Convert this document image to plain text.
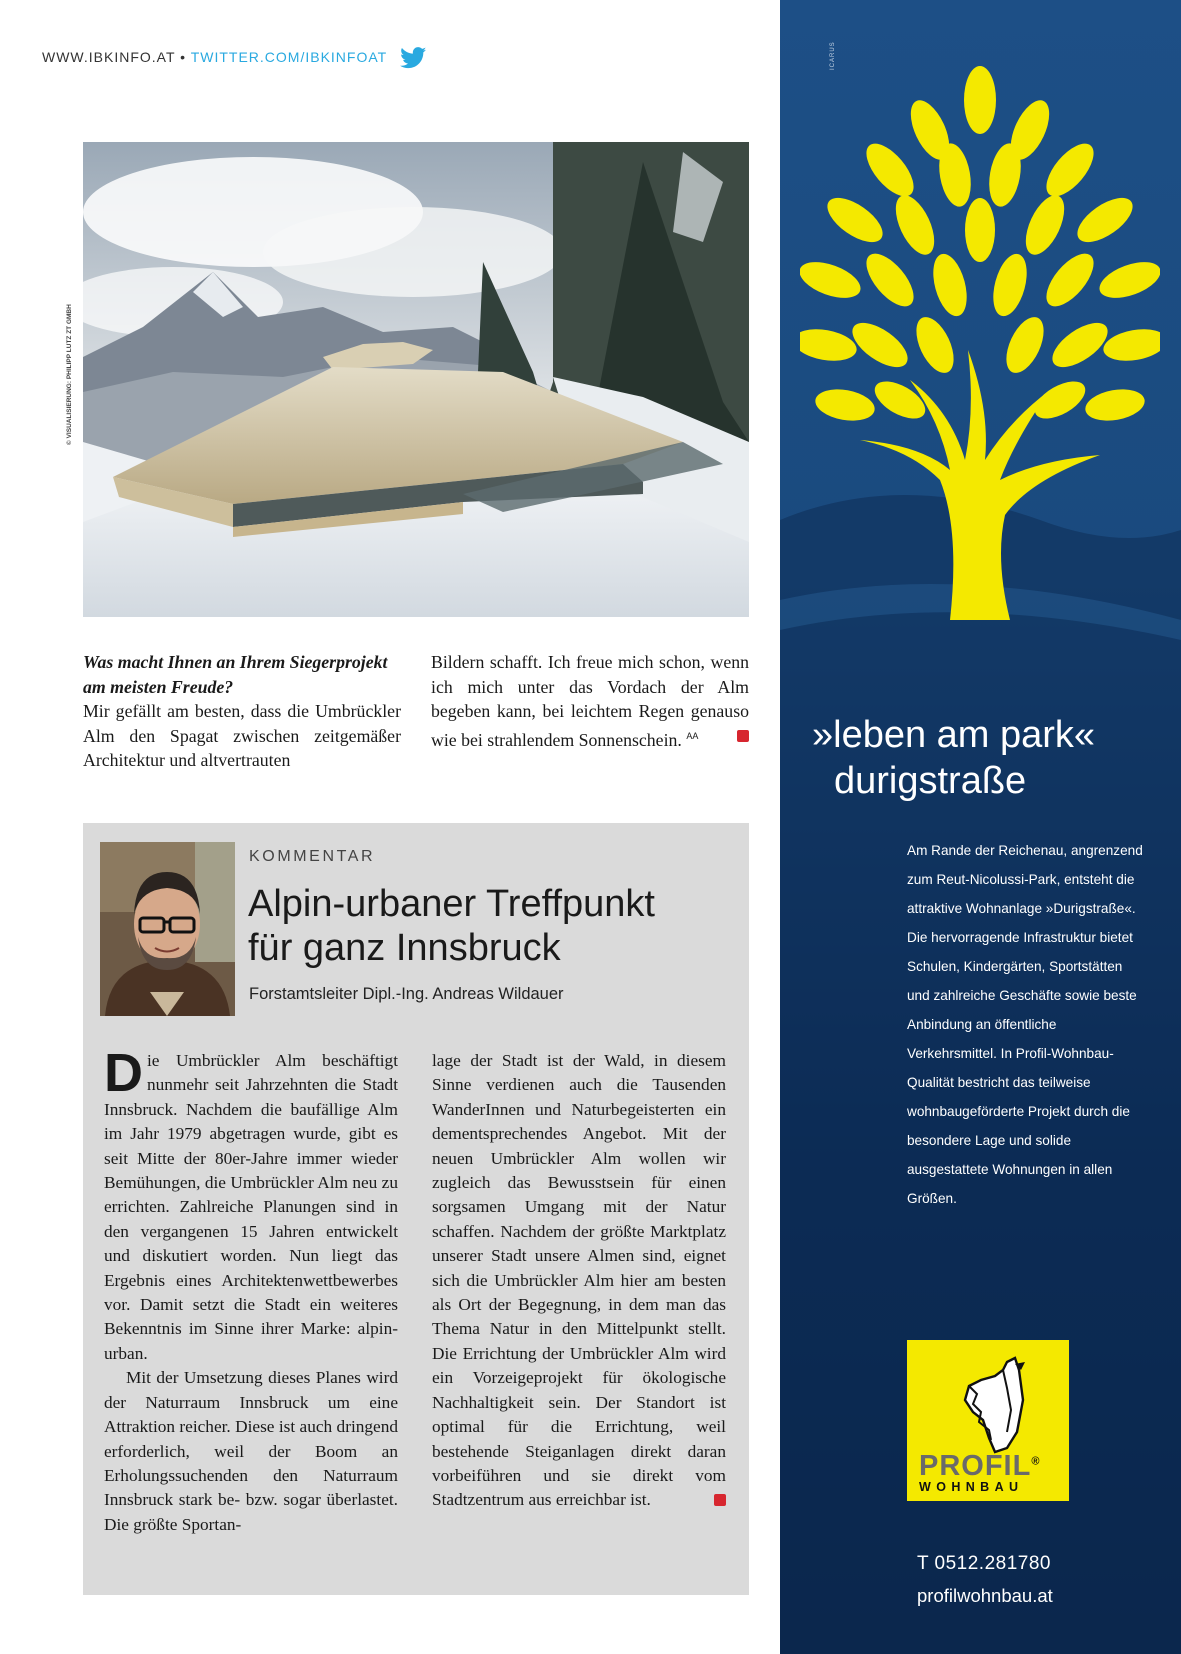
WWW.IBKINFO.AT • TWITTER.COM/IBKINFOAT
© VISUALISIERUNG: PHILIPP LUTZ ZT GMBH
Was macht Ihnen an Ihrem Siegerprojekt am meisten Freude?
Mir gefällt am besten, dass die Umbrückler Alm den Spagat zwischen zeitgemäßer Architektur und altvertrauten
Bildern schafft. Ich freue mich schon, wenn ich mich unter das Vordach der Alm begeben kann, bei leichtem Regen genauso wie bei strahlendem Sonnenschein. $^{AA}$
KOMMENTAR
Alpin-urbaner Treffpunkt
für ganz Innsbruck
Forstamtsleiter Dipl.-Ing. Andreas Wildauer
Die Umbrückler Alm beschäftigt nunmehr seit Jahrzehnten die Stadt Innsbruck. Nachdem die baufällige Alm im Jahr 1979 abgetragen wurde, gibt es seit Mitte der 80er-Jahre immer wieder Bemühungen, die Umbrückler Alm neu zu errichten. Zahlreiche Planungen sind in den vergangenen 15 Jahren entwickelt und diskutiert worden. Nun liegt das Ergebnis eines Architektenwettbewerbes vor. Damit setzt die Stadt ein weiteres Bekenntnis im Sinne ihrer Marke: alpin-urban.
Mit der Umsetzung dieses Planes wird der Naturraum Innsbruck um eine Attraktion reicher. Diese ist auch dringend erforderlich, weil der Boom an Erholungssuchenden den Naturraum Innsbruck stark be- bzw. sogar überlastet. Die größte Sportan-
lage der Stadt ist der Wald, in diesem Sinne verdienen auch die Tausenden WanderInnen und Naturbegeisterten ein dementsprechendes Angebot. Mit der neuen Umbrückler Alm wollen wir zugleich das Bewusstsein für einen sorgsamen Umgang mit der Natur schaffen. Nachdem der größte Marktplatz unserer Stadt unsere Almen sind, eignet sich die Umbrückler Alm hier am besten als Ort der Begegnung, in dem man das Thema Natur in den Mittelpunkt stellt. Die Errichtung der Umbrückler Alm wird ein Vorzeigeprojekt für ökologische Nachhaltigkeit sein. Der Standort ist optimal für die Errichtung, weil bestehende Steiganlagen direkt daran vorbeiführen und sie direkt vom Stadtzentrum aus erreichbar ist.
ICARUS
»leben am park«
durigstraße
Am Rande der Reichenau, angrenzend zum Reut-Nicolussi-Park, entsteht die attraktive Wohnanlage »Durigstraße«. Die hervorragende Infrastruktur bietet Schulen, Kindergärten, Sportstätten und zahlreiche Geschäfte sowie beste Anbindung an öffentliche Verkehrsmittel. In Profil-Wohnbau-Qualität bestricht das teilweise wohnbaugeförderte Projekt durch die besondere Lage und solide ausgestattete Wohnungen in allen Größen.
PROFIL®
WOHNBAU
T 0512.281780
profilwohnbau.at
